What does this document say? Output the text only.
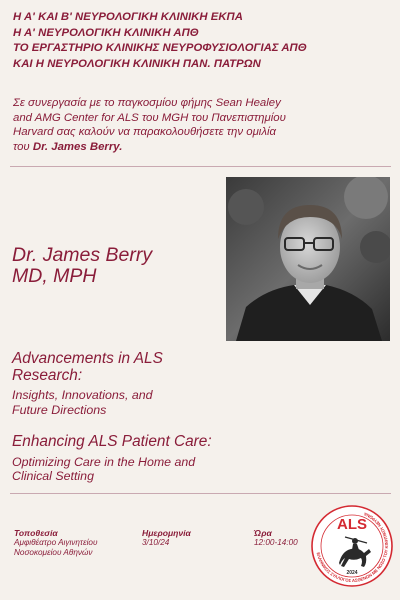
Η Α' ΚΑΙ Β' ΝΕΥΡΟΛΟΓΙΚΗ ΚΛΙΝΙΚΗ ΕΚΠΑ
Η Α' ΝΕΥΡΟΛΟΓΙΚΗ ΚΛΙΝΙΚΗ ΑΠΘ
ΤΟ ΕΡΓΑΣΤΗΡΙΟ ΚΛΙΝΙΚΗΣ ΝΕΥΡΟΦΥΣΙΟΛΟΓΙΑΣ ΑΠΘ
ΚΑΙ Η ΝΕΥΡΟΛΟΓΙΚΗ ΚΛΙΝΙΚΗ ΠΑΝ. ΠΑΤΡΩΝ
Σε συνεργασία με το παγκοσμίου φήμης Sean Healey
and AMG Center for ALS του MGH του Πανεπιστημίου
Harvard σας καλούν να παρακολουθήσετε την ομιλία
του Dr. James Berry.
Dr. James Berry
MD, MPH
Advancements in ALS
Research:
Insights, Innovations, and
Future Directions
Enhancing ALS Patient Care:
Optimizing Care in the Home and
Clinical Setting
Τοποθεσία
Αμφιθέατρο Αιγινητείου
Νοσοκομείου Αθηνών
Ημερομηνία
3/10/24
Ώρα
12:00-14:00
ΕΛΛΗΝΙΚΟΣ ΣΥΛΛΟΓΟΣ ΑΣΘΕΝΩΝ ΜΕ ΝΟΣΟ ΤΟΥ ΚΙΝΗΤΙΚΟΥ ΝΕΥΡΩΝΑ
ALS
2024
